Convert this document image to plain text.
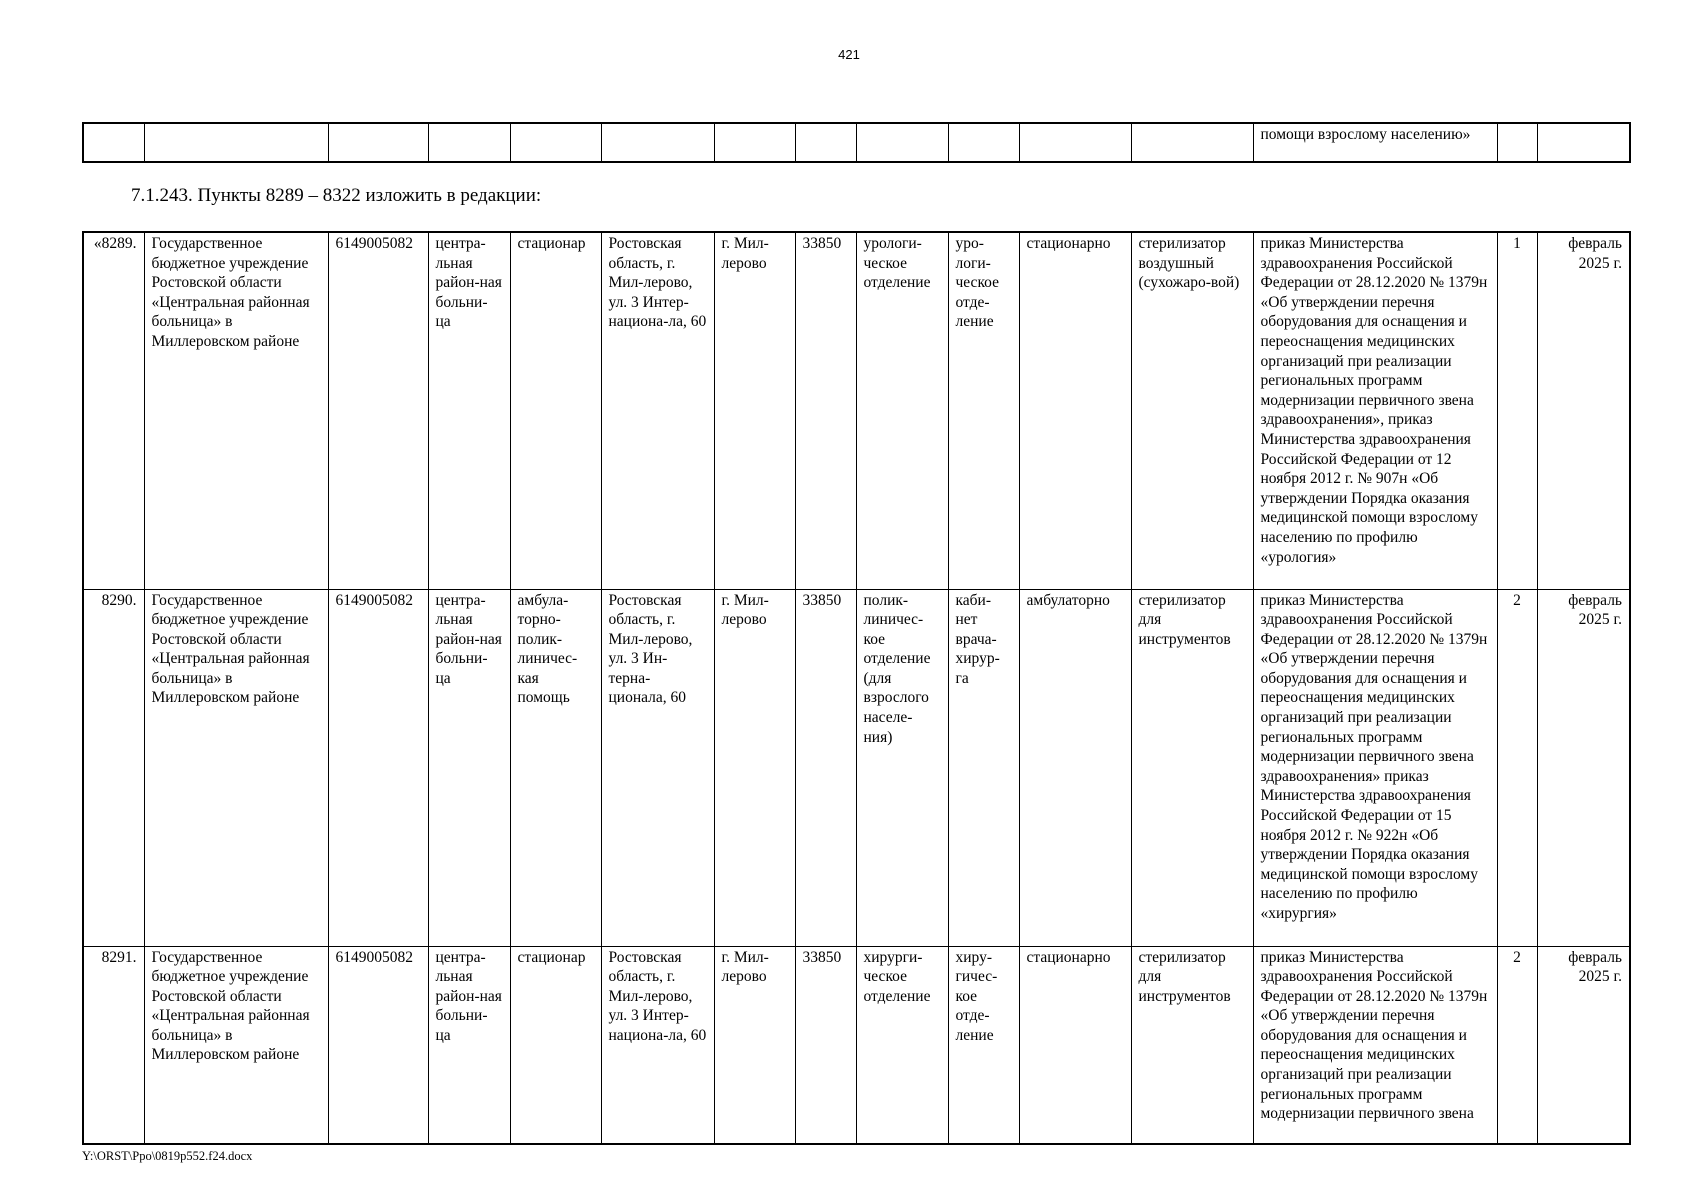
421
												помощи взрослому населению»		
7.1.243. Пункты 8289 – 8322 изложить в редакции:
«8289.	Государственное бюджетное учреждение Ростовской области «Центральная районная больница» в Миллеровском районе	6149005082	центра-льная район-ная больни-ца	стационар	Ростовская область, г. Мил-лерово, ул. 3 Интер-национа-ла, 60	г. Мил-лерово	33850	урологи-ческое отделение	уро-логи-ческое отде-ление	стационарно	стерилизатор воздушный (сухожаро-вой)	приказ Министерства здравоохранения Российской Федерации от 28.12.2020 № 1379н «Об утверждении перечня оборудования для оснащения и переоснащения медицинских организаций при реализации региональных программ модернизации первичного звена здравоохранения», приказ Министерства здравоохранения Российской Федерации от 12 ноября 2012 г. № 907н «Об утверждении Порядка оказания медицинской помощи взрослому населению по профилю «урология»	1	февраль 2025 г.
8290.	Государственное бюджетное учреждение Ростовской области «Центральная районная больница» в Миллеровском районе	6149005082	центра-льная район-ная больни-ца	амбула-торно-полик-линичес-кая помощь	Ростовская область, г. Мил-лерово, ул. 3 Ин-терна-ционала, 60	г. Мил-лерово	33850	полик-линичес-кое отделение (для взрослого населе-ния)	каби-нет врача-хирур-га	амбулаторно	стерилизатор для инструментов	приказ Министерства здравоохранения Российской Федерации от 28.12.2020 № 1379н «Об утверждении перечня оборудования для оснащения и переоснащения медицинских организаций при реализации региональных программ модернизации первичного звена здравоохранения» приказ Министерства здравоохранения Российской Федерации от 15 ноября 2012 г. № 922н «Об утверждении Порядка оказания медицинской помощи взрослому населению по профилю «хирургия»	2	февраль 2025 г.
8291.	Государственное бюджетное учреждение Ростовской области «Центральная районная больница» в Миллеровском районе	6149005082	центра-льная район-ная больни-ца	стационар	Ростовская область, г. Мил-лерово, ул. 3 Интер-национа-ла, 60	г. Мил-лерово	33850	хирурги-ческое отделение	хиру-гичес-кое отде-ление	стационарно	стерилизатор для инструментов	приказ Министерства здравоохранения Российской Федерации от 28.12.2020 № 1379н «Об утверждении перечня оборудования для оснащения и переоснащения медицинских организаций при реализации региональных программ модернизации первичного звена	2	февраль 2025 г.
Y:\ORST\Ppo\0819p552.f24.docx
